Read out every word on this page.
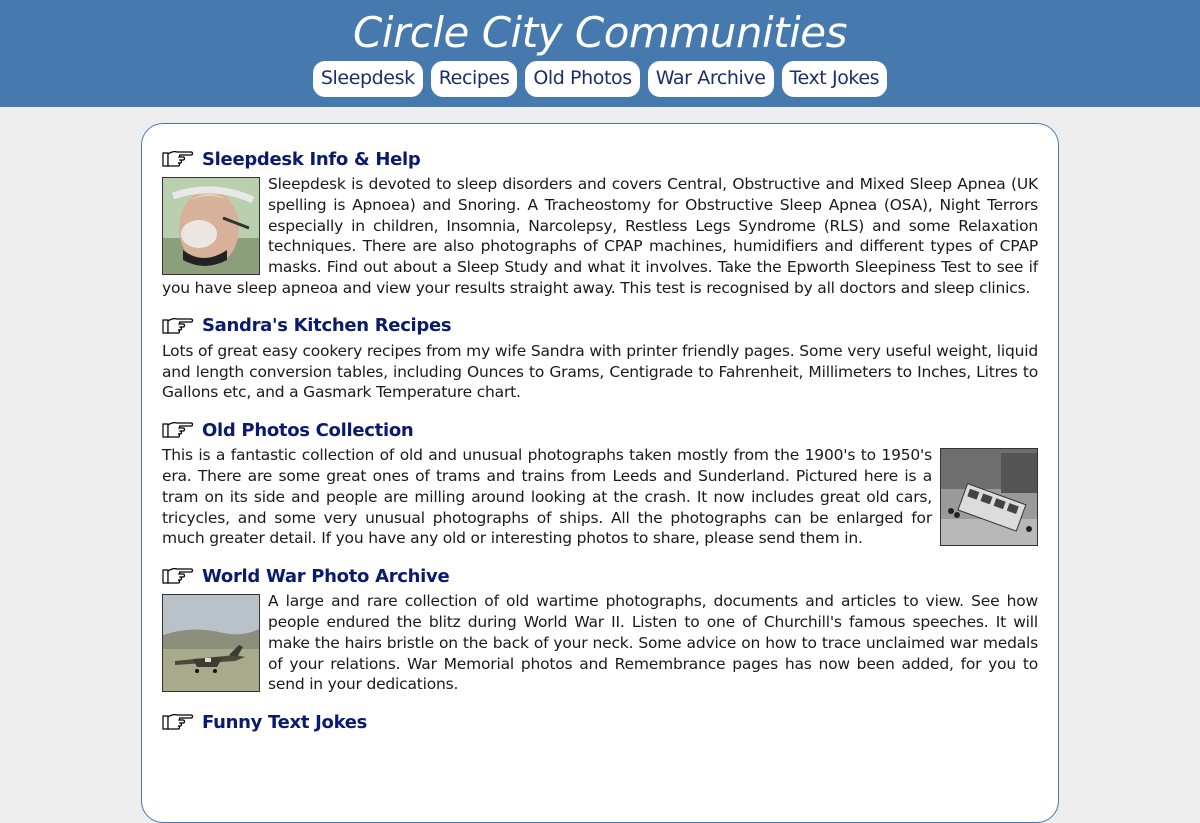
Circle City Communities
Sleepdesk	Recipes	Old Photos	War Archive	Text Jokes
Sleepdesk Info & Help

Sleepdesk is devoted to sleep disorders and covers Central, Obstructive and Mixed Sleep Apnea (UK spelling is Apnoea) and Snoring. A Tracheostomy for Obstructive Sleep Apnea (OSA), Night Terrors especially in children, Insomnia, Narcolepsy, Restless Legs Syndrome (RLS) and some Relaxation techniques. There are also photographs of CPAP machines, humidifiers and different types of CPAP masks. Find out about a Sleep Study and what it involves. Take the Epworth Sleepiness Test to see if you have sleep apneoa and view your results straight away. This test is recognised by all doctors and sleep clinics.

Sandra's Kitchen Recipes

Lots of great easy cookery recipes from my wife Sandra with printer friendly pages. Some very useful weight, liquid and length conversion tables, including Ounces to Grams, Centigrade to Fahrenheit, Millimeters to Inches, Litres to Gallons etc, and a Gasmark Temperature chart.

Old Photos Collection

This is a fantastic collection of old and unusual photographs taken mostly from the 1900's to 1950's era. There are some great ones of trams and trains from Leeds and Sunderland. Pictured here is a tram on its side and people are milling around looking at the crash. It now includes great old cars, tricycles, and some very unusual photographs of ships. All the photographs can be enlarged for much greater detail. If you have any old or interesting photos to share, please send them in.

World War Photo Archive

A large and rare collection of old wartime photographs, documents and articles to view. See how people endured the blitz during World War II. Listen to one of Churchill's famous speeches. It will make the hairs bristle on the back of your neck. Some advice on how to trace unclaimed war medals of your relations. War Memorial photos and Remembrance pages has now been added, for you to send in your dedications.

Funny Text Jokes
